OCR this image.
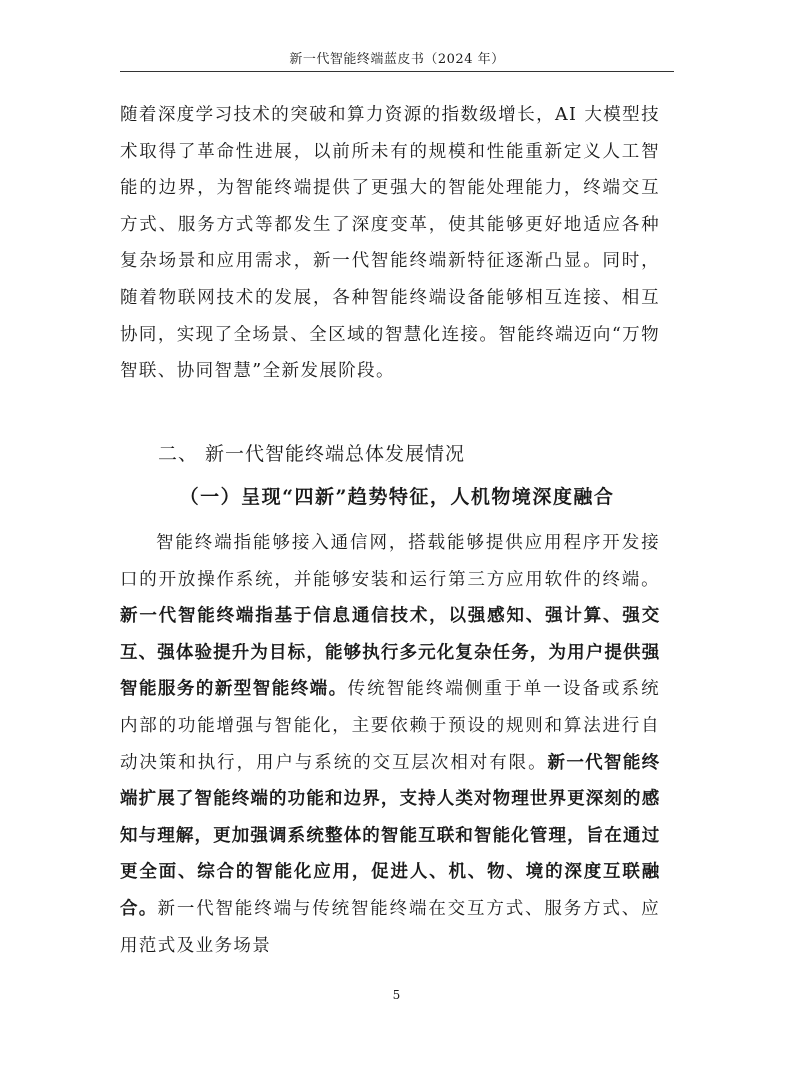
新一代智能终端蓝皮书（2024 年）

随着深度学习技术的突破和算力资源的指数级增长，AI 大模型技术取得了革命性进展，以前所未有的规模和性能重新定义人工智能的边界，为智能终端提供了更强大的智能处理能力，终端交互方式、服务方式等都发生了深度变革，使其能够更好地适应各种复杂场景和应用需求，新一代智能终端新特征逐渐凸显。同时，随着物联网技术的发展，各种智能终端设备能够相互连接、相互协同，实现了全场景、全区域的智慧化连接。智能终端迈向“万物智联、协同智慧”全新发展阶段。

二、 新一代智能终端总体发展情况
（一）呈现“四新”趋势特征，人机物境深度融合

智能终端指能够接入通信网，搭载能够提供应用程序开发接口的开放操作系统，并能够安装和运行第三方应用软件的终端。新一代智能终端指基于信息通信技术，以强感知、强计算、强交互、强体验提升为目标，能够执行多元化复杂任务，为用户提供强智能服务的新型智能终端。传统智能终端侧重于单一设备或系统内部的功能增强与智能化，主要依赖于预设的规则和算法进行自动决策和执行，用户与系统的交互层次相对有限。新一代智能终端扩展了智能终端的功能和边界，支持人类对物理世界更深刻的感知与理解，更加强调系统整体的智能互联和智能化管理，旨在通过更全面、综合的智能化应用，促进人、机、物、境的深度互联融合。新一代智能终端与传统智能终端在交互方式、服务方式、应用范式及业务场景

5
